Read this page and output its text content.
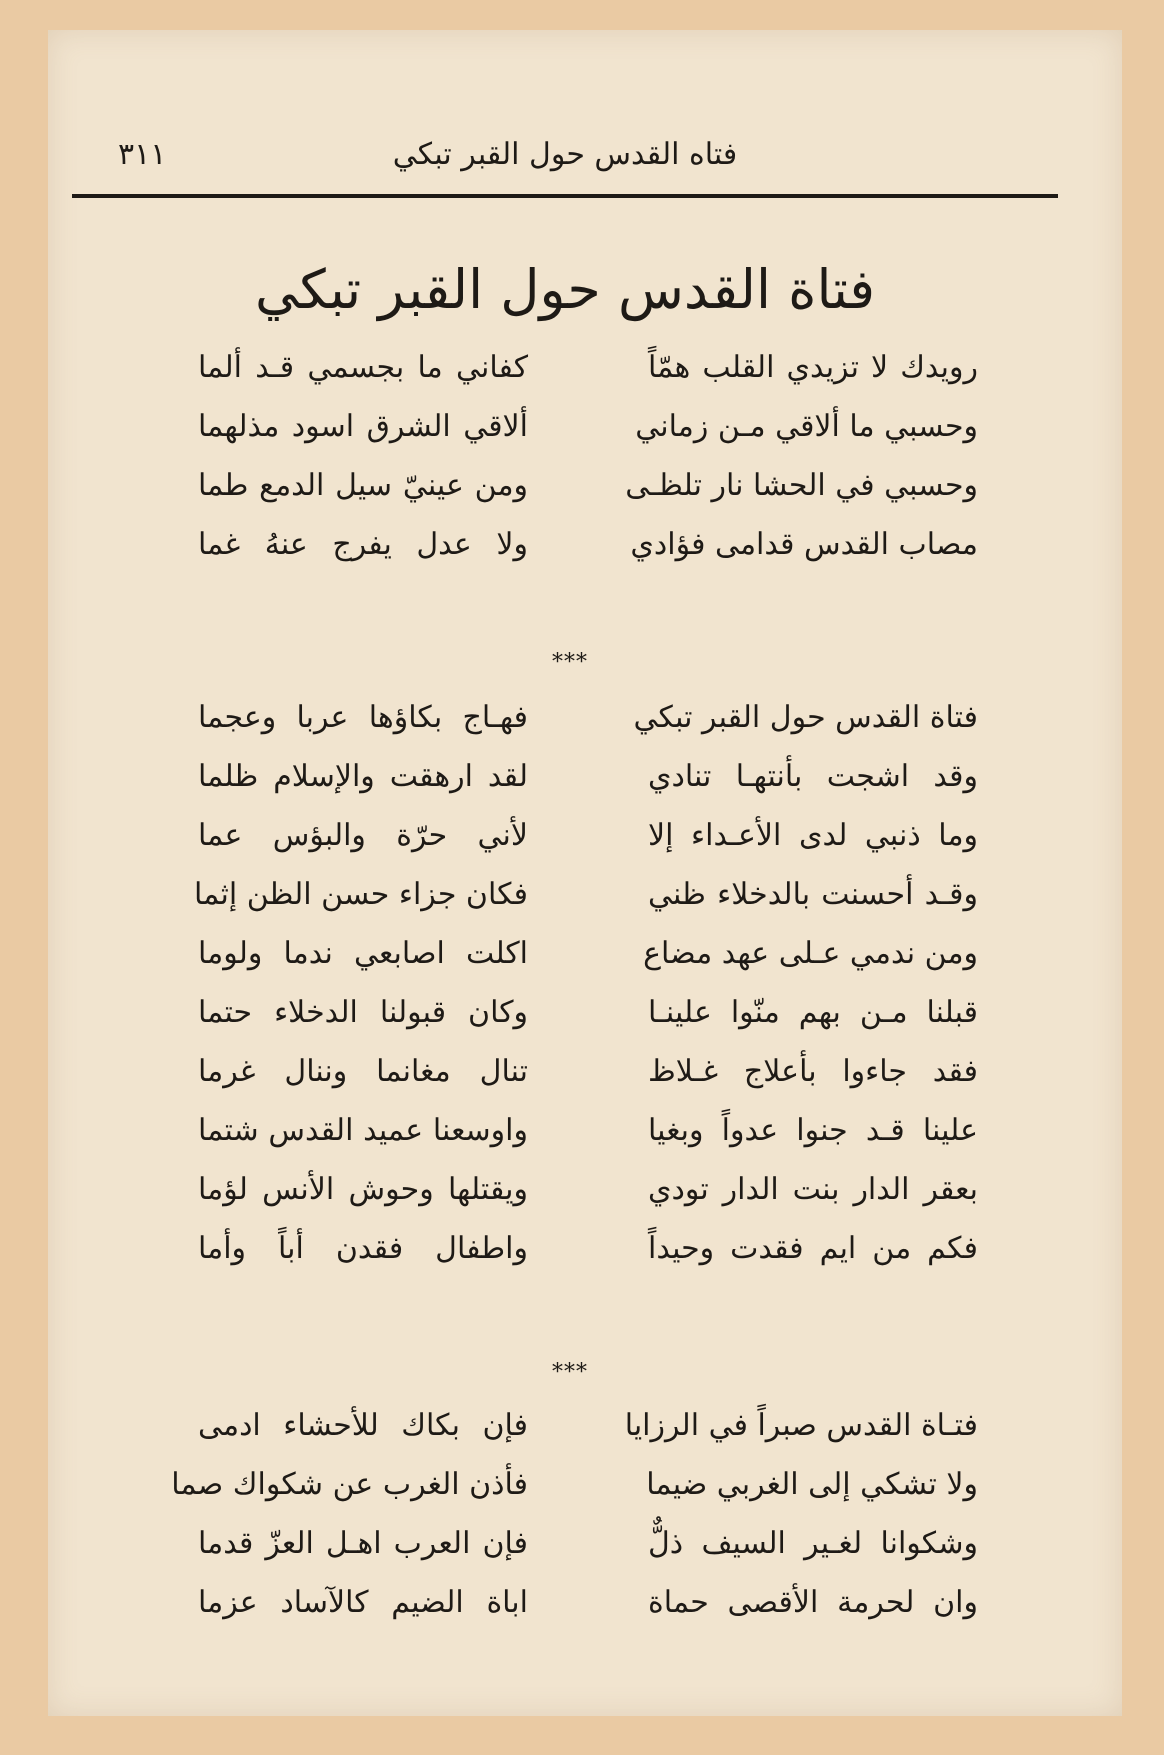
٣١١	فتاه القدس حول القبر تبكي
فتاة القدس حول القبر تبكي
رويدك لا تزيدي القلب همّاً
كفاني ما بجسمي قـد ألما
وحسبي ما ألاقي مـن زماني
ألاقي الشرق اسود مذلهما
وحسبي في الحشا نار تلظـى
ومن عينيّ سيل الدمع طما
مصاب القدس قدامى فؤادي
ولا عدل يفرج عنهُ غما
***
فتاة القدس حول القبر تبكي
فهـاج بكاؤها عربا وعجما
وقد اشجت بأنتهـا تنادي
لقد ارهقت والإسلام ظلما
وما ذنبي لدى الأعـداء إلا
لأني حرّة والبؤس عما
وقـد أحسنت بالدخلاء ظني
فكان جزاء حسن الظن إثما
ومن ندمي عـلى عهد مضاع
اكلت اصابعي ندما ولوما
قبلنا مـن بهم منّوا علينـا
وكان قبولنا الدخلاء حتما
فقد جاءوا بأعلاج غـلاظ
تنال مغانما وننال غرما
علينا قـد جنوا عدواً وبغيا
واوسعنا عميد القدس شتما
بعقر الدار بنت الدار تودي
ويقتلها وحوش الأنس لؤما
فكم من ايم فقدت وحيداً
واطفال فقدن أباً وأما
***
فتـاة القدس صبراً في الرزايا
فإن بكاك للأحشاء ادمى
ولا تشكي إلى الغربي ضيما
فأذن الغرب عن شكواك صما
وشكوانا لغـير السيف ذلٌّ
فإن العرب اهـل العزّ قدما
وان لحرمة الأقصى حماة
اباة الضيم كالآساد عزما
